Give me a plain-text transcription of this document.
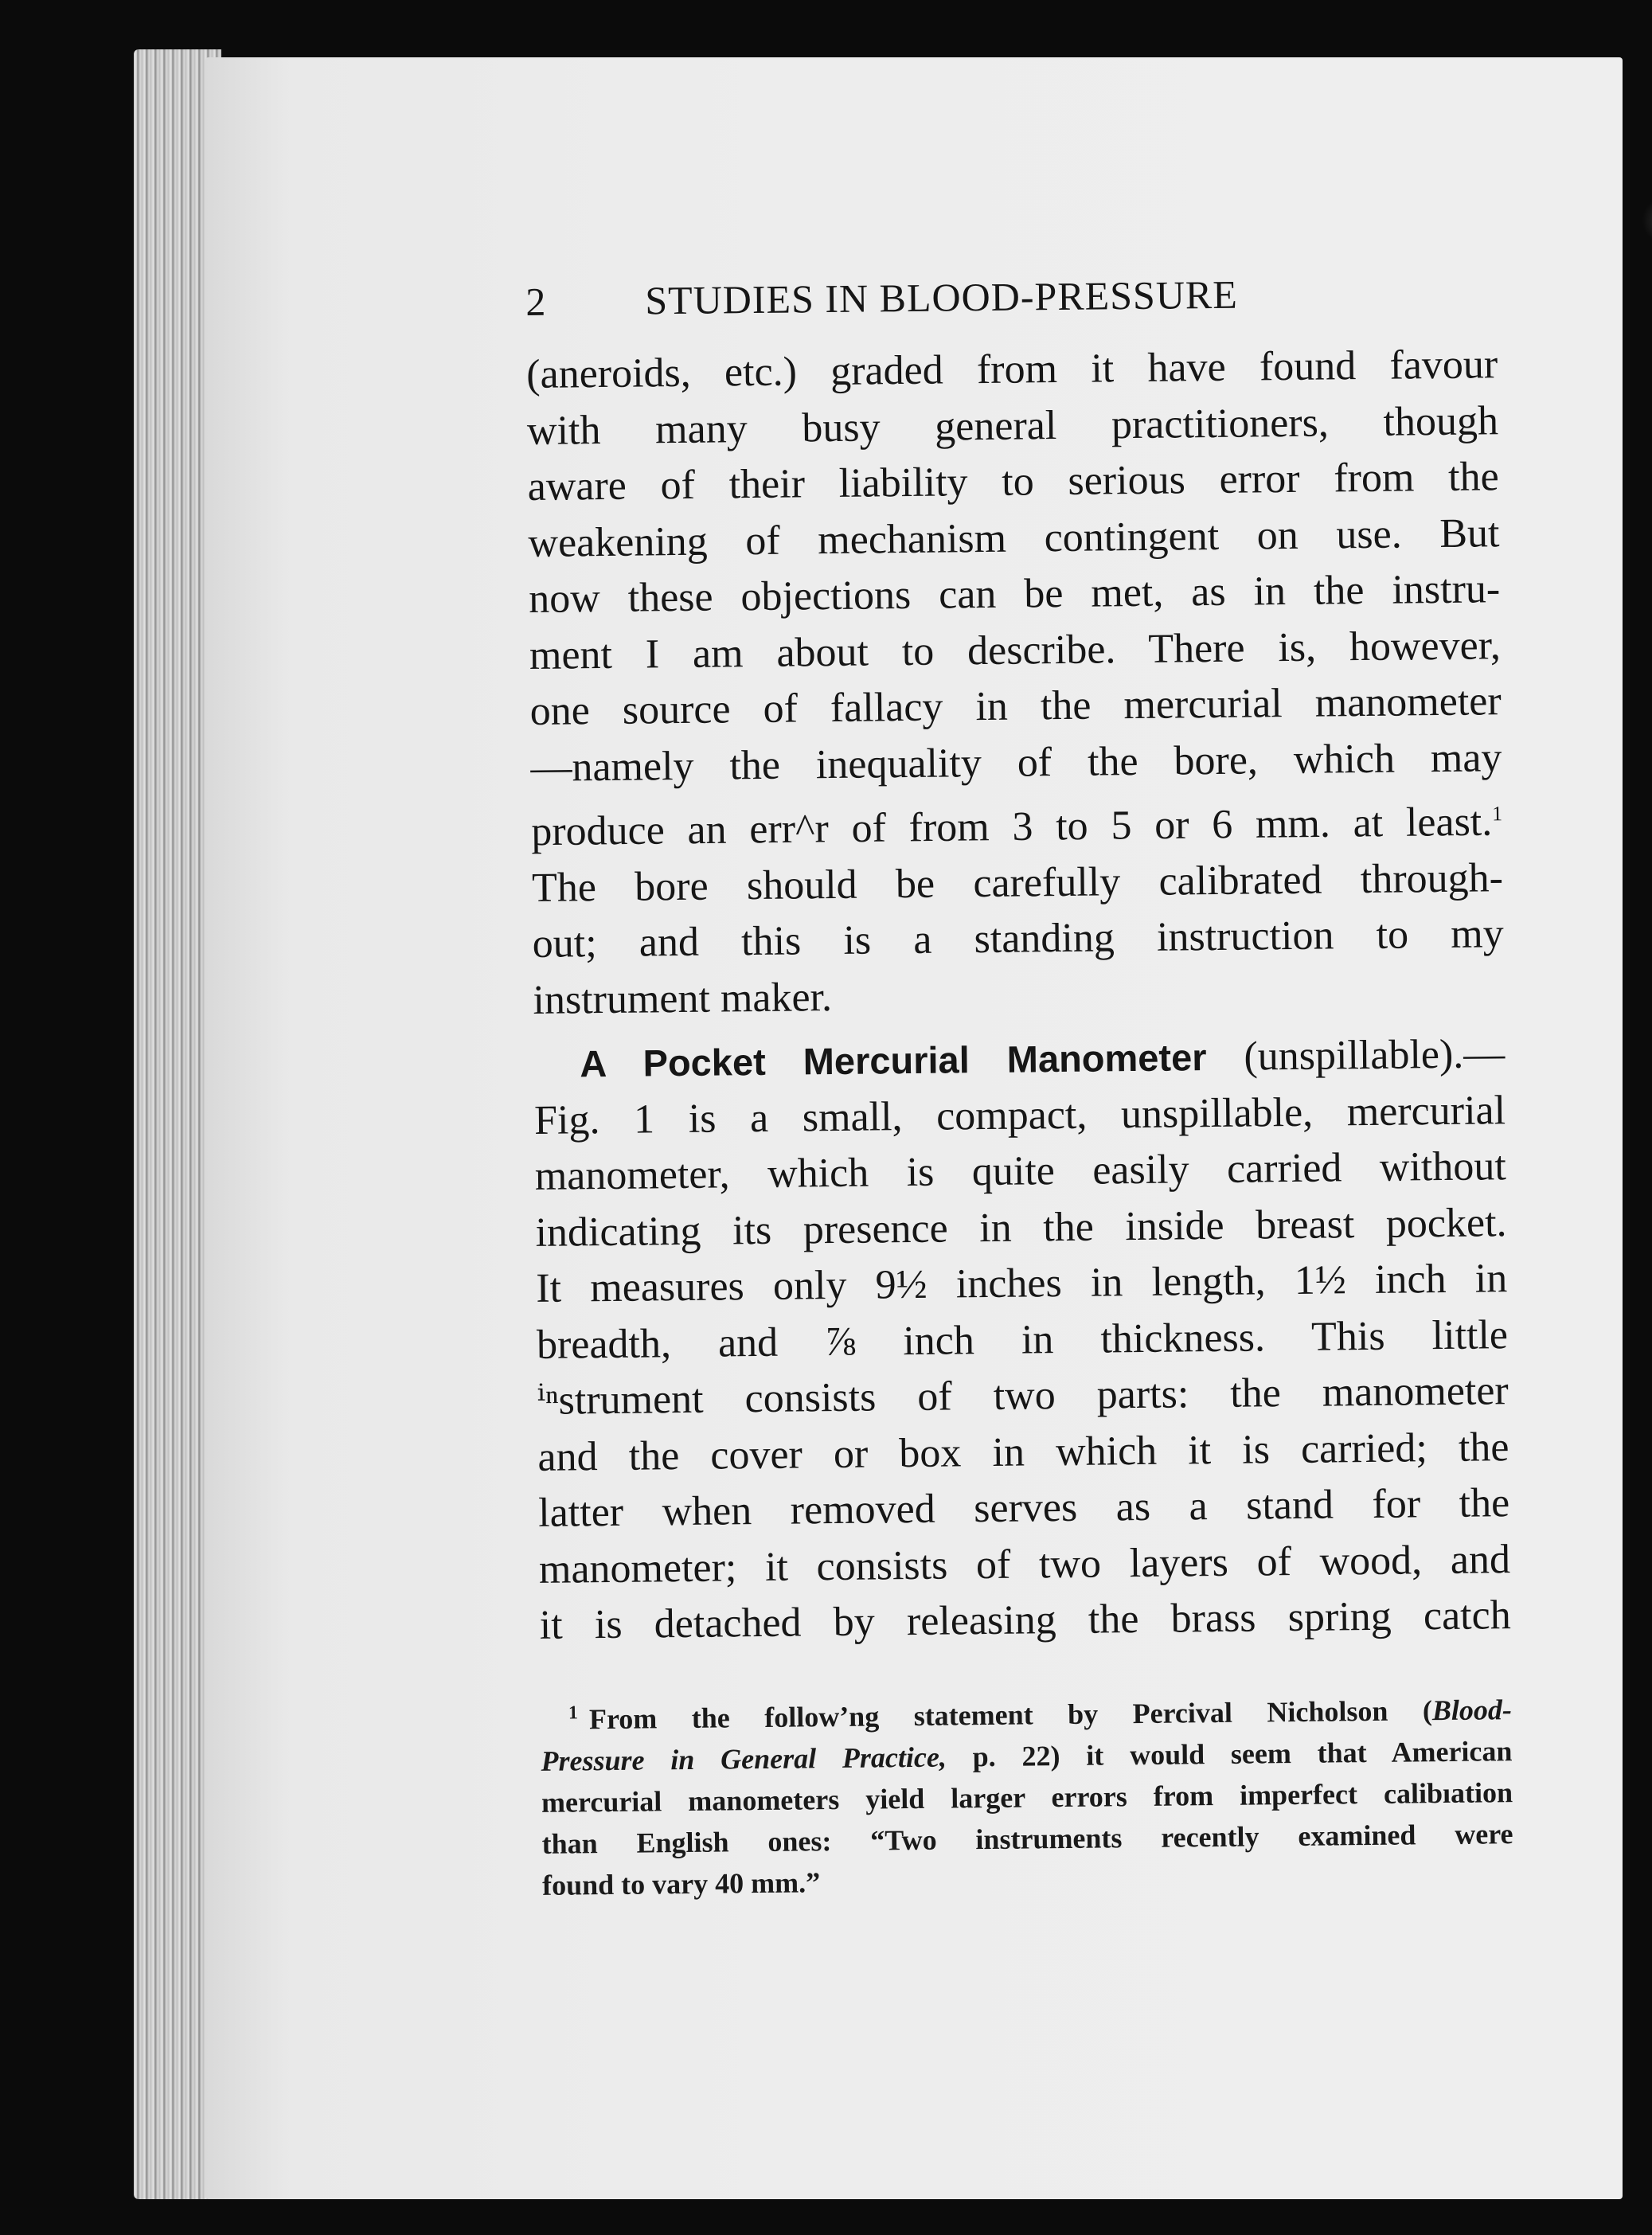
2	STUDIES IN BLOOD-PRESSURE
(aneroids, etc.) graded from it have found favour
with many busy general practitioners, though
aware of their liability to serious error from the
weakening of mechanism contingent on use. But
now these objections can be met, as in the instru-
ment I am about to describe. There is, however,
one source of fallacy in the mercurial manometer
—namely the inequality of the bore, which may
produce an err^r of from 3 to 5 or 6 mm. at least.$^1$
The bore should be carefully calibrated through-
out; and this is a standing instruction to my
instrument maker.
A Pocket Mercurial Manometer (unspillable).—
Fig. 1 is a small, compact, unspillable, mercurial
manometer, which is quite easily carried without
indicating its presence in the inside breast pocket.
It measures only 9½ inches in length, 1½ inch in
breadth, and ⅞ inch in thickness. This little
ⁱⁿstrument consists of two parts: the manometer
and the cover or box in which it is carried; the
latter when removed serves as a stand for the
manometer; it consists of two layers of wood, and
it is detached by releasing the brass spring catch
$^1$ From the follow’ng statement by Percival Nicholson (Blood-
Pressure in General Practice, p. 22) it would seem that American
mercurial manometers yield larger errors from imperfect calibıation
than English ones: “Two instruments recently examined were
found to vary 40 mm.”
